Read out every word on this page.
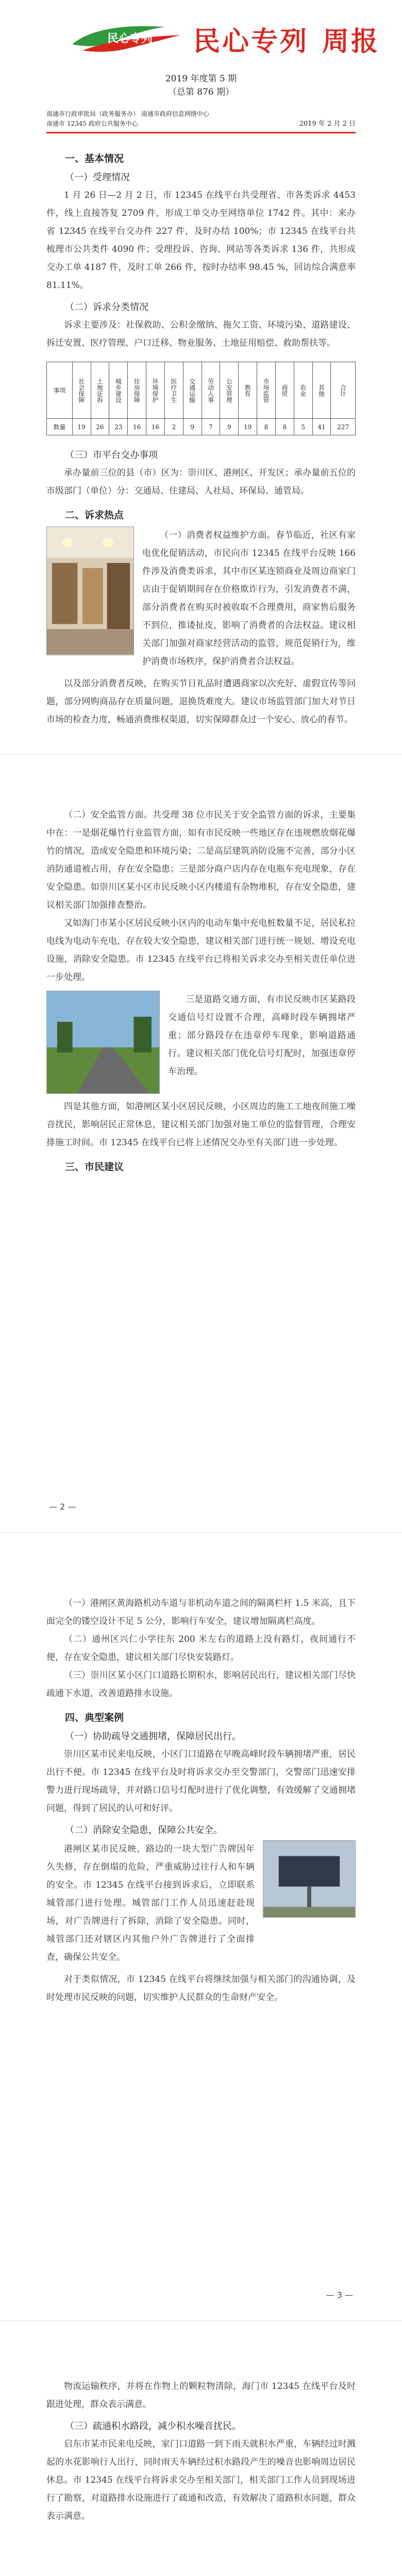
民心专列 民心专列 周报
2019 年度第 5 期
（总第 876 期）
南通市行政审批局（政务服务办） 南通市政府信息网络中心
南通市 12345 政府公共服务中心	2019 年 2 月 2 日
一、基本情况
（一）受理情况

1 月 26 日—2 月 2 日，市 12345 在线平台共受理省、市各类诉求 4453 件，线上直接答复 2709 件，形成工单交办至网络单位 1742 件。其中：来办省 12345 在线平台交办件 227 件，及时办结 100%；市 12345 在线平台共梳理市公共类件 4090 件；受理投诉、咨询、网站等各类诉求 136 件，共形成交办工单 4187 件，及时工单 266 件，按时办结率 98.45 %，回访综合满意率 81.11%。

（二）诉求分类情况

诉求主要涉及：社保救助、公积金缴纳、拖欠工资、环境污染、道路建设、拆迁安置、医疗管理、户口迁移、物业服务、土地征用赔偿、救助帮扶等。

事项	社会保障	土地征拆	城乡建设	住房保障	环境保护	医疗卫生	交通运输	劳动人事	公安管理	教育	市场监管	商贸	农业	其他	合计
数量	19	26	23	16	16	2	9	7	9	19	8	8	5	41	227
（三）市平台交办事项

承办量前三位的县（市）区为：崇川区、港闸区、开发区；承办量前五位的市级部门（单位）分：交通局、住建局、人社局、环保局、通管局。

二、诉求热点

（一）消费者权益维护方面。春节临近，社区有家电优化促销活动，市民向市 12345 在线平台反映 166 件涉及消费类诉求，其中市区某连锁商业及周边商家门店由于促销期间存在价格欺诈行为，引发消费者不满，部分消费者在购买时被收取不合理费用，商家售后服务不到位，推诿扯皮，影响了消费者的合法权益。建议相关部门加强对商家经营活动的监管，规范促销行为，维护消费市场秩序，保护消费者合法权益。

以及部分消费者反映，在购买节日礼品时遭遇商家以次充好、虚假宣传等问题，部分网购商品存在质量问题，退换货难度大。建议市场监管部门加大对节日市场的检查力度，畅通消费维权渠道，切实保障群众过一个安心、放心的春节。

（二）安全监管方面。共受理 38 位市民关于安全监管方面的诉求，主要集中在：一是烟花爆竹行业监管方面，如有市民反映一些地区存在违规燃放烟花爆竹的情况，造成安全隐患和环境污染；二是高层建筑消防设施不完善，部分小区消防通道被占用，存在安全隐患；三是部分商户店内存在电瓶车充电现象，存在安全隐患。如崇川区某小区市民反映小区内楼道有杂物堆积，存在安全隐患，建议相关部门加强排查整治。

又如海门市某小区居民反映小区内的电动车集中充电桩数量不足，居民私拉电线为电动车充电，存在较大安全隐患，建议相关部门进行统一规划、增设充电设施，消除安全隐患。市 12345 在线平台已将相关诉求交办至相关责任单位进一步处理。

三是道路交通方面，有市民反映市区某路段交通信号灯设置不合理，高峰时段车辆拥堵严重；部分路段存在违章停车现象，影响道路通行。建议相关部门优化信号灯配时，加强违章停车治理。

四是其他方面，如港闸区某小区居民反映，小区周边的施工工地夜间施工噪音扰民，影响居民正常休息，建议相关部门加强对施工单位的监督管理，合理安排施工时间。市 12345 在线平台已将上述情况交办至有关部门进一步处理。

三、市民建议
— 2 —

（一）港闸区黄海路机动车道与非机动车道之间的隔离栏杆 1.5 米高，且下面完全的镂空设计不足 5 公分，影响行车安全，建议增加隔离栏高度。

（二）通州区兴仁小学往东 200 米左右的道路上没有路灯，夜间通行不便，存在安全隐患，建议相关部门尽快安装路灯。

（三）崇川区某小区门口道路长期积水，影响居民出行，建议相关部门尽快疏通下水道，改善道路排水设施。

四、典型案例
（一）协助疏导交通拥堵，保障居民出行。

崇川区某市民来电反映，小区门口道路在早晚高峰时段车辆拥堵严重，居民出行不便。市 12345 在线平台及时将诉求交办至交警部门，交警部门迅速安排警力进行现场疏导，并对路口信号灯配时进行了优化调整，有效缓解了交通拥堵问题，得到了居民的认可和好评。

（二）消除安全隐患，保障公共安全。

港闸区某市民反映，路边的一块大型广告牌因年久失修，存在倒塌的危险，严重威胁过往行人和车辆的安全。市 12345 在线平台接到诉求后，立即联系城管部门进行处理。城管部门工作人员迅速赶赴现场，对广告牌进行了拆除，消除了安全隐患。同时，城管部门还对辖区内其他户外广告牌进行了全面排查，确保公共安全。

对于类似情况，市 12345 在线平台将继续加强与相关部门的沟通协调，及时处理市民反映的问题，切实维护人民群众的生命财产安全。

— 3 —

物流运输秩序，并将在作物上的颗粒物清除，海门市 12345 在线平台及时跟进处理，群众表示满意。

（三）疏通积水路段，减少积水噪音扰民。

启东市某市民来电反映，家门口道路一到下雨天就积水严重，车辆经过时溅起的水花影响行人出行，同时雨天车辆经过积水路段产生的噪音也影响周边居民休息。市 12345 在线平台将诉求交办至相关部门，相关部门工作人员到现场进行了勘察，对道路排水设施进行了疏通和改造，有效解决了道路积水问题，群众表示满意。
